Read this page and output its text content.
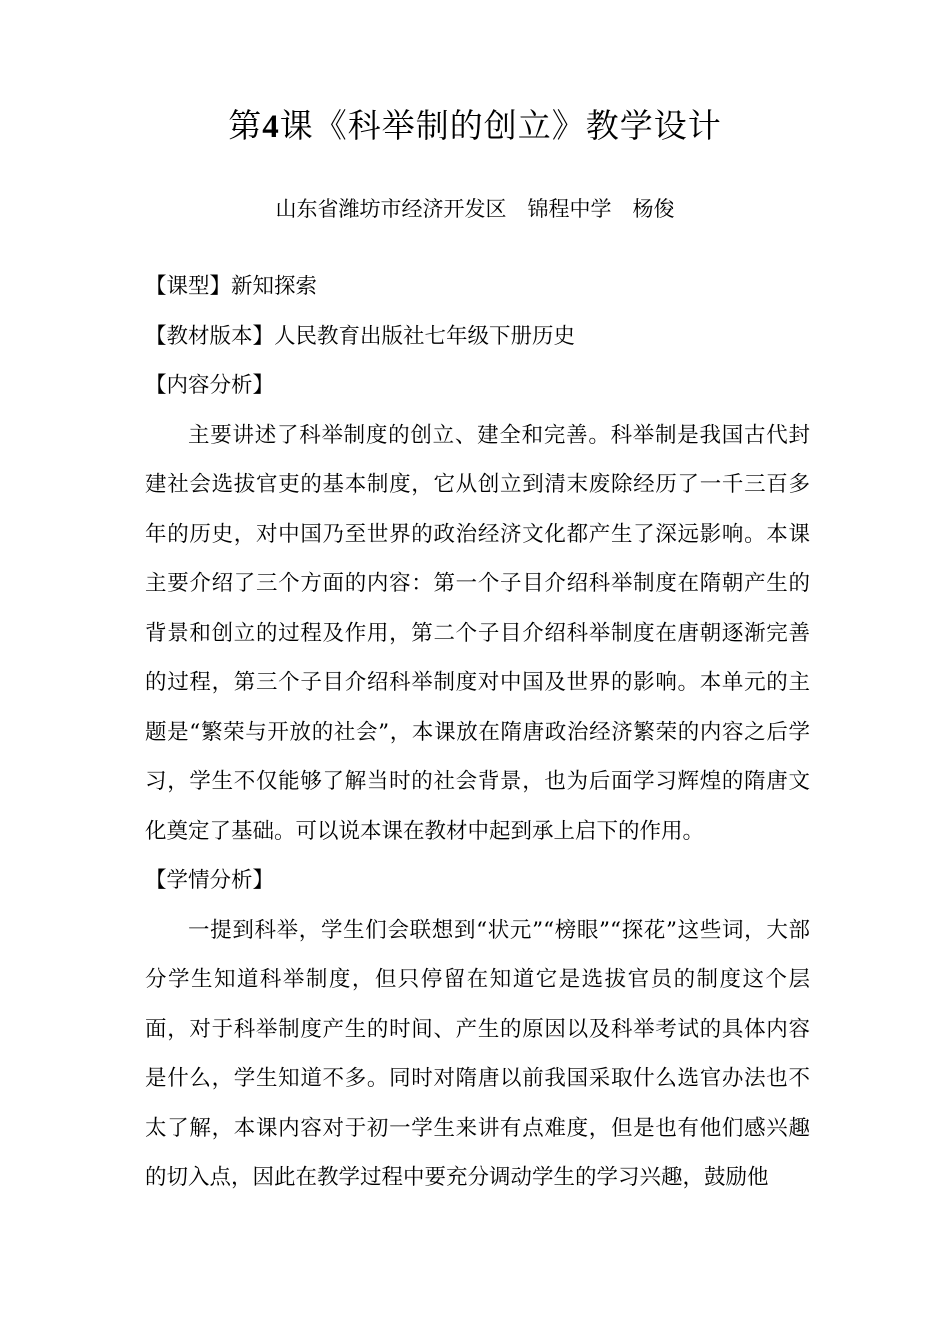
第4课《科举制的创立》教学设计
山东省潍坊市经济开发区　锦程中学　杨俊

【课型】新知探索

【教材版本】人民教育出版社七年级下册历史

【内容分析】

主要讲述了科举制度的创立、建全和完善。科举制是我国古代封建社会选拔官吏的基本制度，它从创立到清末废除经历了一千三百多年的历史，对中国乃至世界的政治经济文化都产生了深远影响。本课主要介绍了三个方面的内容：第一个子目介绍科举制度在隋朝产生的背景和创立的过程及作用，第二个子目介绍科举制度在唐朝逐渐完善的过程，第三个子目介绍科举制度对中国及世界的影响。本单元的主题是“繁荣与开放的社会”，本课放在隋唐政治经济繁荣的内容之后学习，学生不仅能够了解当时的社会背景，也为后面学习辉煌的隋唐文化奠定了基础。可以说本课在教材中起到承上启下的作用。

【学情分析】

一提到科举，学生们会联想到“状元”“榜眼”“探花”这些词，大部分学生知道科举制度，但只停留在知道它是选拔官员的制度这个层面，对于科举制度产生的时间、产生的原因以及科举考试的具体内容是什么，学生知道不多。同时对隋唐以前我国采取什么选官办法也不太了解，本课内容对于初一学生来讲有点难度，但是也有他们感兴趣的切入点，因此在教学过程中要充分调动学生的学习兴趣，鼓励他
